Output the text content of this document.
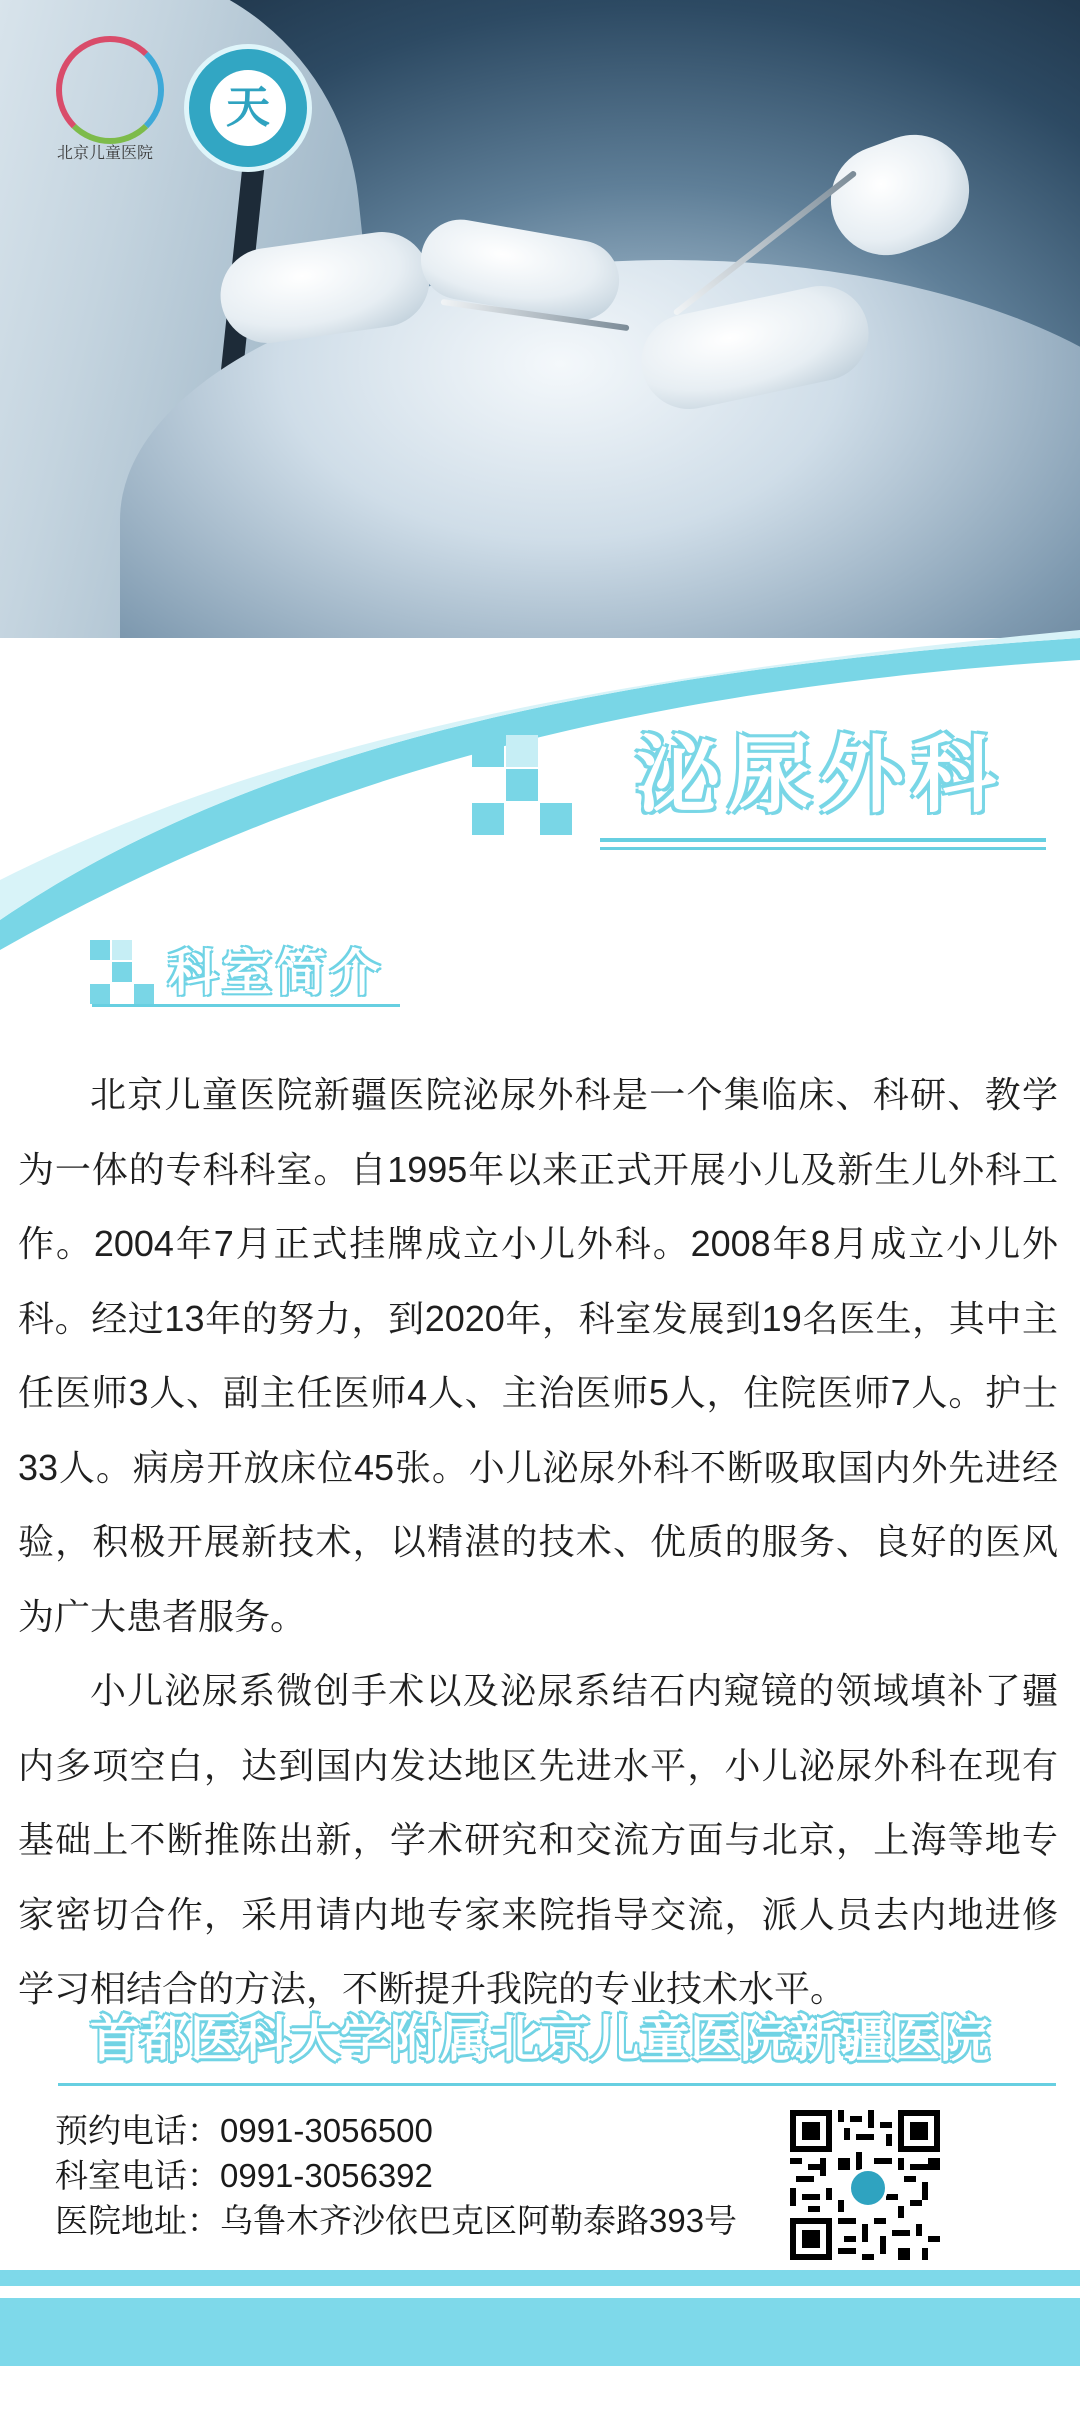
北京儿童医院
天
泌尿外科
科室简介

北京儿童医院新疆医院泌尿外科是一个集临床、科研、教学为一体的专科科室。自1995年以来正式开展小儿及新生儿外科工作。2004年7月正式挂牌成立小儿外科。2008年8月成立小儿外科。经过13年的努力，到2020年，科室发展到19名医生，其中主任医师3人、副主任医师4人、主治医师5人，住院医师7人。护士33人。病房开放床位45张。小儿泌尿外科不断吸取国内外先进经验，积极开展新技术，以精湛的技术、优质的服务、良好的医风为广大患者服务。

小儿泌尿系微创手术以及泌尿系结石内窥镜的领域填补了疆内多项空白，达到国内发达地区先进水平，小儿泌尿外科在现有基础上不断推陈出新，学术研究和交流方面与北京，上海等地专家密切合作，采用请内地专家来院指导交流，派人员去内地进修学习相结合的方法，不断提升我院的专业技术水平。

首都医科大学附属北京儿童医院新疆医院
预约电话：0991-3056500
科室电话：0991-3056392
医院地址：乌鲁木齐沙依巴克区阿勒泰路393号
